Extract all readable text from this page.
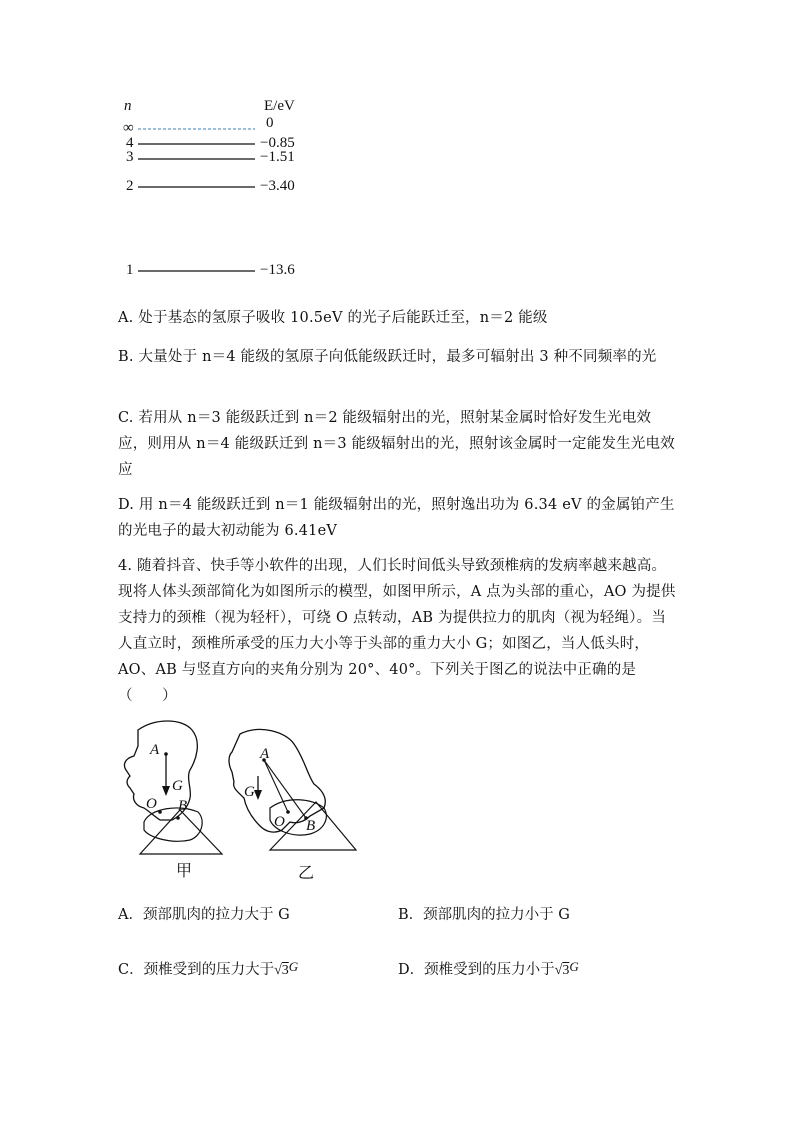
n	E/eV
∞	0
4	−0.85
3	−1.51
2	−3.40
1	−13.6
A. 处于基态的氢原子吸收 10.5eV 的光子后能跃迁至，n＝2 能级
B. 大量处于 n＝4 能级的氢原子向低能级跃迁时，最多可辐射出 3 种不同频率的光
C. 若用从 n＝3 能级跃迁到 n＝2 能级辐射出的光，照射某金属时恰好发生光电效应，则用从 n＝4 能级跃迁到 n＝3 能级辐射出的光，照射该金属时一定能发生光电效应
D. 用 n＝4 能级跃迁到 n＝1 能级辐射出的光，照射逸出功为 6.34 eV 的金属铂产生的光电子的最大初动能为 6.41eV
4. 随着抖音、快手等小软件的出现，人们长时间低头导致颈椎病的发病率越来越高。现将人体头颈部简化为如图所示的模型，如图甲所示，A 点为头部的重心，AO 为提供支持力的颈椎（视为轻杆），可绕 O 点转动，AB 为提供拉力的肌肉（视为轻绳）。当人直立时，颈椎所承受的压力大小等于头部的重力大小 G；如图乙，当人低头时，AO、AB 与竖直方向的夹角分别为 20°、40°。下列关于图乙的说法中正确的是（　　）
A
G
O B
A
G
O B
甲	乙
A．颈部肌肉的拉力大于 G	B．颈部肌肉的拉力小于 G
C．颈椎受到的压力大于√3G	D．颈椎受到的压力小于√3G
